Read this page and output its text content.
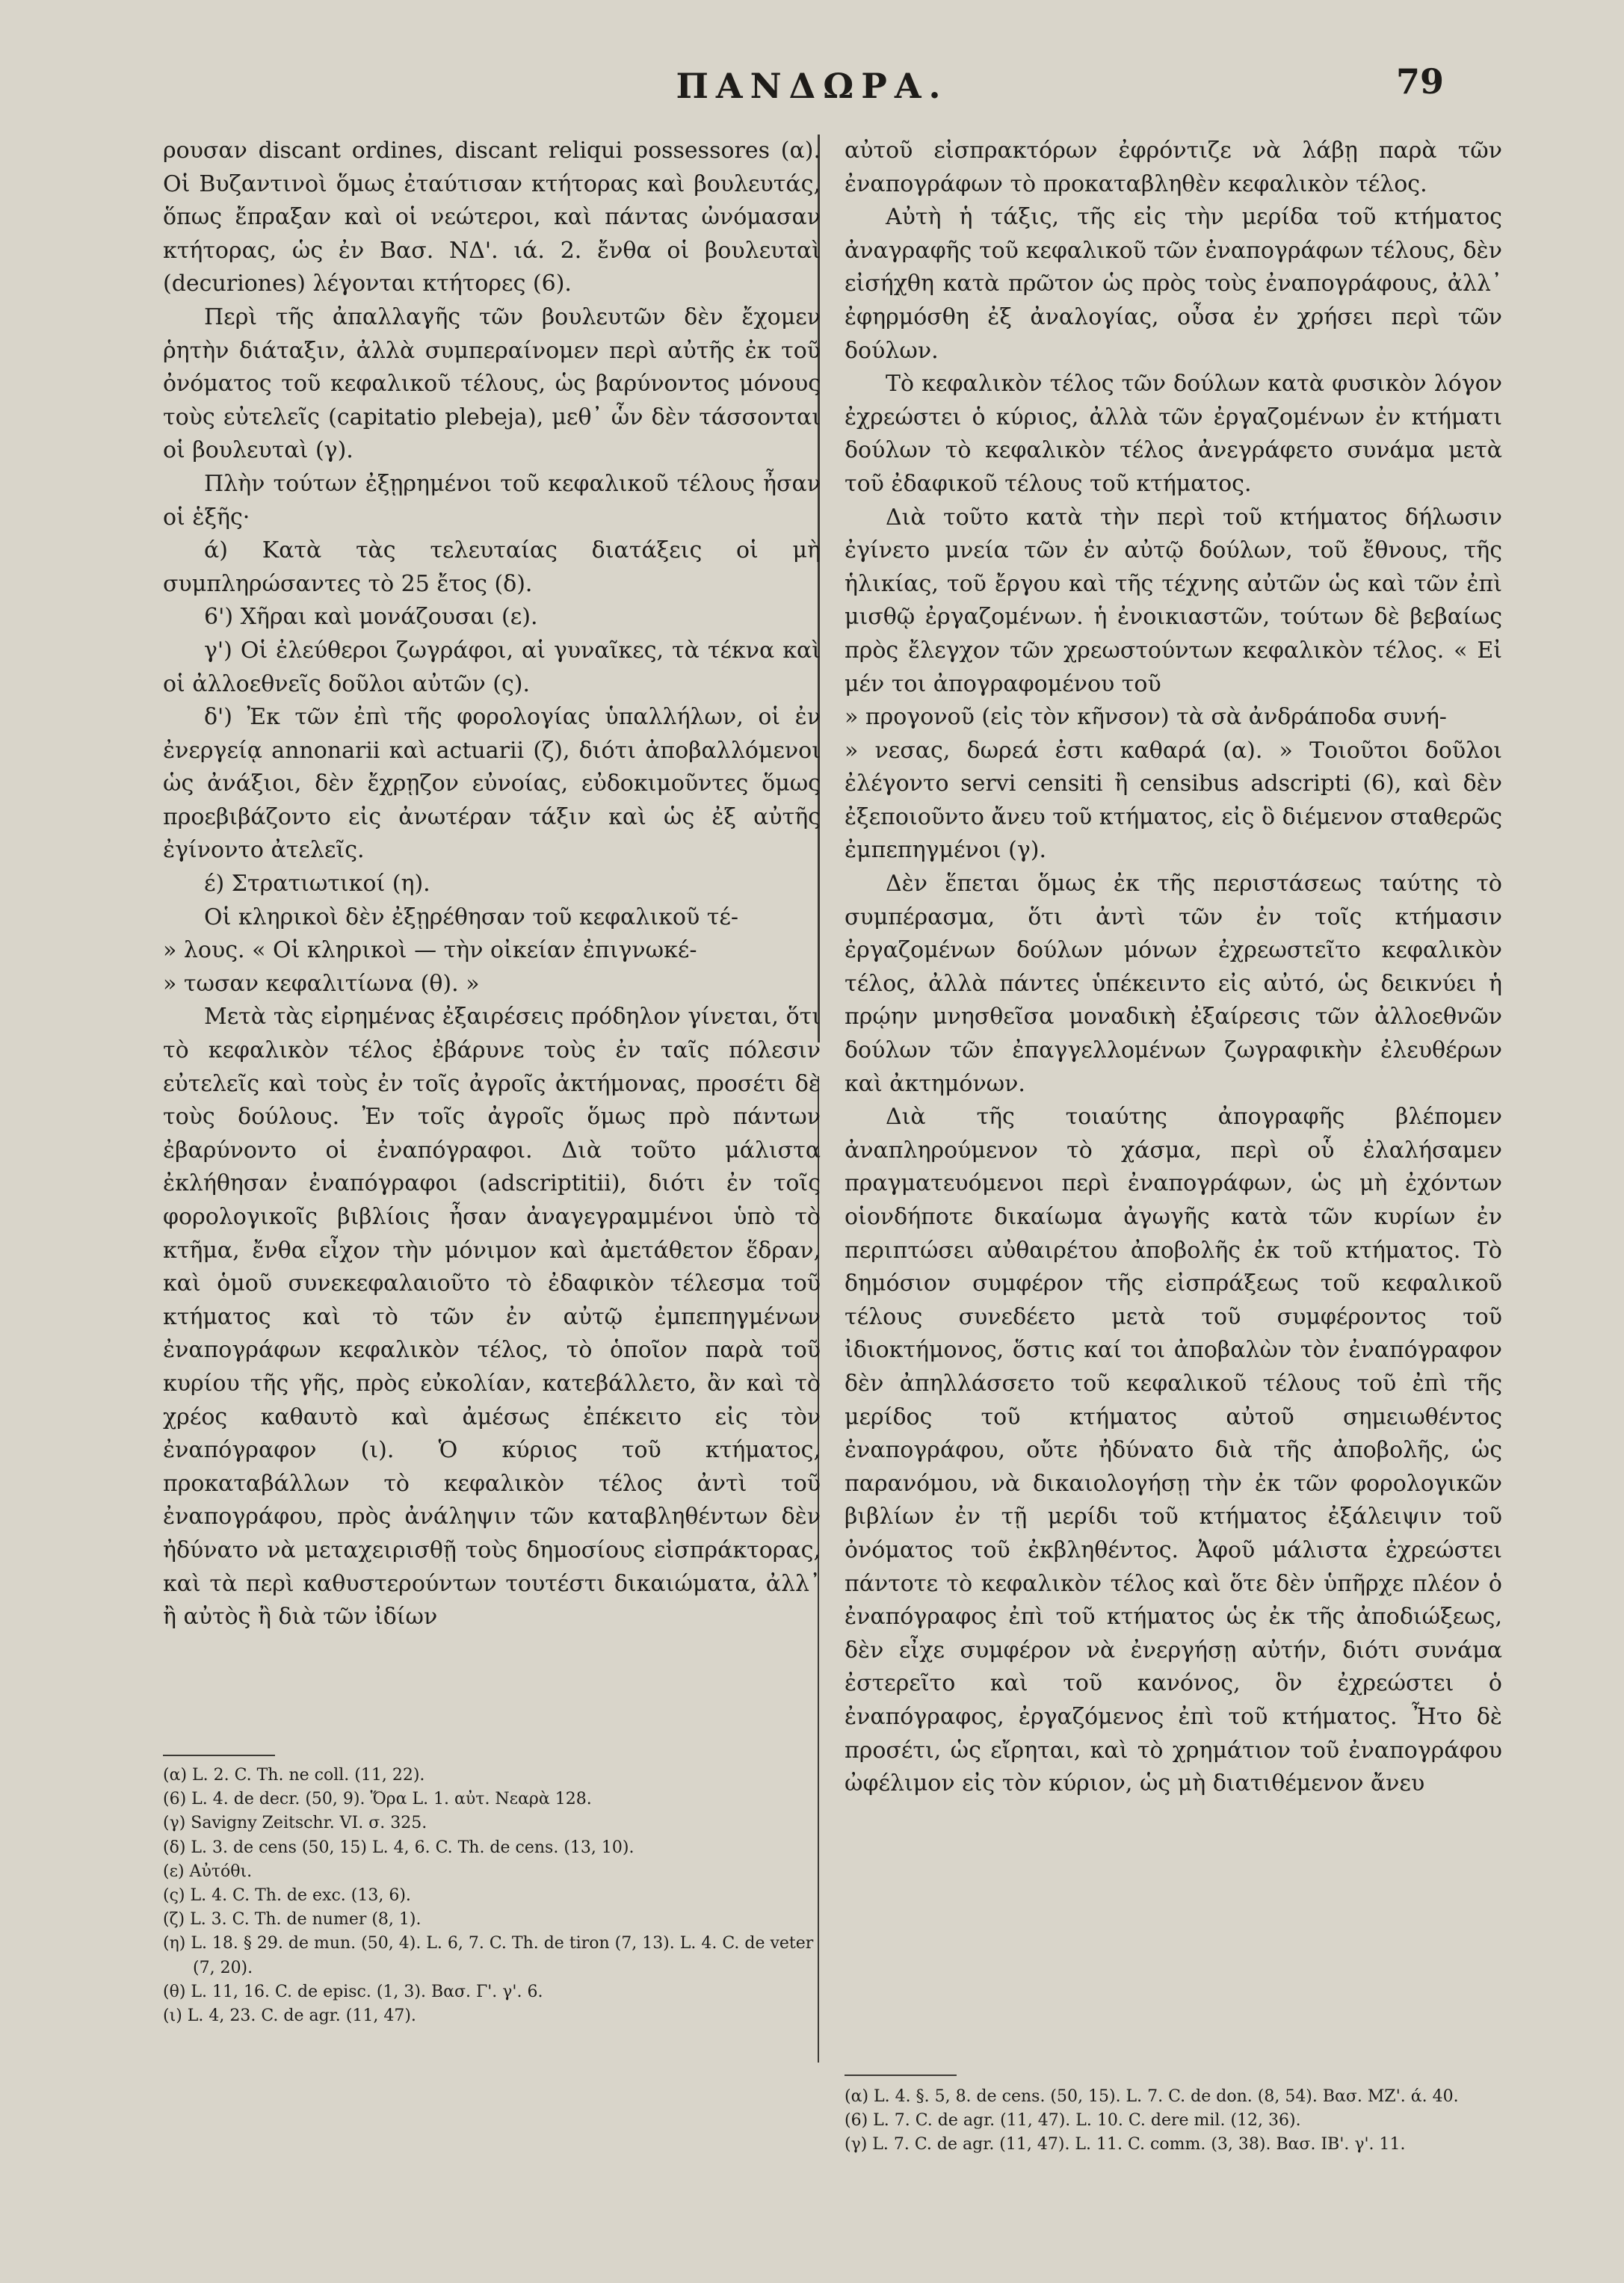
ΠΑΝΔΩΡΑ.	79

ρουσαν discant ordines, discant reliqui possessores (α). Οἱ Βυζαντινοὶ ὅμως ἐταύτισαν κτήτορας καὶ βουλευτάς, ὅπως ἔπραξαν καὶ οἱ νεώτεροι, καὶ πάντας ὠνόμασαν κτήτορας, ὡς ἐν Βασ. ΝΔ'. ιά. 2. ἔνθα οἱ βουλευταὶ (decuriones) λέγονται κτήτορες (6).

Περὶ τῆς ἀπαλλαγῆς τῶν βουλευτῶν δὲν ἔχομεν ῥητὴν διάταξιν, ἀλλὰ συμπεραίνομεν περὶ αὐτῆς ἐκ τοῦ ὀνόματος τοῦ κεφαλικοῦ τέλους, ὡς βαρύνοντος μόνους τοὺς εὐτελεῖς (capitatio plebeja), μεθ᾽ ὧν δὲν τάσσονται οἱ βουλευταὶ (γ).

Πλὴν τούτων ἐξῃρημένοι τοῦ κεφαλικοῦ τέλους ἦσαν οἱ ἑξῆς·

ά) Κατὰ τὰς τελευταίας διατάξεις οἱ μὴ συμπληρώσαντες τὸ 25 ἔτος (δ).

6') Χῆραι καὶ μονάζουσαι (ε).

γ') Οἱ ἐλεύθεροι ζωγράφοι, αἱ γυναῖκες, τὰ τέκνα καὶ οἱ ἀλλοεθνεῖς δοῦλοι αὐτῶν (ς).

δ') Ἐκ τῶν ἐπὶ τῆς φορολογίας ὑπαλλήλων, οἱ ἐν ἐνεργείᾳ annonarii καὶ actuarii (ζ), διότι ἀποβαλλόμενοι ὡς ἀνάξιοι, δὲν ἔχρῃζον εὐνοίας, εὐδοκιμοῦντες ὅμως προεβιβάζοντο εἰς ἀνωτέραν τάξιν καὶ ὡς ἐξ αὐτῆς ἐγίνοντο ἀτελεῖς.

έ) Στρατιωτικοί (η).

Οἱ κληρικοὶ δὲν ἐξῃρέθησαν τοῦ κεφαλικοῦ τέ-

» λους. « Οἱ κληρικοὶ — τὴν οἰκείαν ἐπιγνωκέ-
» τωσαν κεφαλιτίωνα (θ). »

Μετὰ τὰς εἰρημένας ἐξαιρέσεις πρόδηλον γίνεται, ὅτι τὸ κεφαλικὸν τέλος ἐβάρυνε τοὺς ἐν ταῖς πόλεσιν εὐτελεῖς καὶ τοὺς ἐν τοῖς ἀγροῖς ἀκτήμονας, προσέτι δὲ τοὺς δούλους. Ἐν τοῖς ἀγροῖς ὅμως πρὸ πάντων ἐβαρύνοντο οἱ ἐναπόγραφοι. Διὰ τοῦτο μάλιστα ἐκλήθησαν ἐναπόγραφοι (adscriptitii), διότι ἐν τοῖς φορολογικοῖς βιβλίοις ἦσαν ἀναγεγραμμένοι ὑπὸ τὸ κτῆμα, ἔνθα εἶχον τὴν μόνιμον καὶ ἀμετάθετον ἕδραν, καὶ ὁμοῦ συνεκεφαλαιοῦτο τὸ ἐδαφικὸν τέλεσμα τοῦ κτήματος καὶ τὸ τῶν ἐν αὐτῷ ἐμπεπηγμένων ἐναπογράφων κεφαλικὸν τέλος, τὸ ὁποῖον παρὰ τοῦ κυρίου τῆς γῆς, πρὸς εὐκολίαν, κατεβάλλετο, ἂν καὶ τὸ χρέος καθαυτὸ καὶ ἀμέσως ἐπέκειτο εἰς τὸν ἐναπόγραφον (ι). Ὁ κύριος τοῦ κτήματος, προκαταβάλλων τὸ κεφαλικὸν τέλος ἀντὶ τοῦ ἐναπογράφου, πρὸς ἀνάληψιν τῶν καταβληθέντων δὲν ἠδύνατο νὰ μεταχειρισθῇ τοὺς δημοσίους εἰσπράκτορας, καὶ τὰ περὶ καθυστερούντων τουτέστι δικαιώματα, ἀλλ᾽ ἢ αὐτὸς ἢ διὰ τῶν ἰδίων

αὐτοῦ εἰσπρακτόρων ἐφρόντιζε νὰ λάβῃ παρὰ τῶν ἐναπογράφων τὸ προκαταβληθὲν κεφαλικὸν τέλος.

Αὐτὴ ἡ τάξις, τῆς εἰς τὴν μερίδα τοῦ κτήματος ἀναγραφῆς τοῦ κεφαλικοῦ τῶν ἐναπογράφων τέλους, δὲν εἰσήχθη κατὰ πρῶτον ὡς πρὸς τοὺς ἐναπογράφους, ἀλλ᾽ ἐφηρμόσθη ἐξ ἀναλογίας, οὖσα ἐν χρήσει περὶ τῶν δούλων.

Τὸ κεφαλικὸν τέλος τῶν δούλων κατὰ φυσικὸν λόγον ἐχρεώστει ὁ κύριος, ἀλλὰ τῶν ἐργαζομένων ἐν κτήματι δούλων τὸ κεφαλικὸν τέλος ἀνεγράφετο συνάμα μετὰ τοῦ ἐδαφικοῦ τέλους τοῦ κτήματος.

Διὰ τοῦτο κατὰ τὴν περὶ τοῦ κτήματος δήλωσιν ἐγίνετο μνεία τῶν ἐν αὐτῷ δούλων, τοῦ ἔθνους, τῆς ἡλικίας, τοῦ ἔργου καὶ τῆς τέχνης αὐτῶν ὡς καὶ τῶν ἐπὶ μισθῷ ἐργαζομένων. ἡ ἐνοικιαστῶν, τούτων δὲ βεβαίως πρὸς ἔλεγχον τῶν χρεωστούντων κεφαλικὸν τέλος. « Εἰ μέν τοι ἀπογραφομένου τοῦ

» προγονοῦ (εἰς τὸν κῆνσον) τὰ σὰ ἀνδράποδα συνή-
» νεσας, δωρεά ἐστι καθαρά (α). » Τοιοῦτοι δοῦλοι ἐλέγοντο servi censiti ἢ censibus adscripti (6), καὶ δὲν ἐξεποιοῦντο ἄνευ τοῦ κτήματος, εἰς ὃ διέμενον σταθερῶς ἐμπεπηγμένοι (γ).

Δὲν ἕπεται ὅμως ἐκ τῆς περιστάσεως ταύτης τὸ συμπέρασμα, ὅτι ἀντὶ τῶν ἐν τοῖς κτήμασιν ἐργαζομένων δούλων μόνων ἐχρεωστεῖτο κεφαλικὸν τέλος, ἀλλὰ πάντες ὑπέκειντο εἰς αὐτό, ὡς δεικνύει ἡ πρῴην μνησθεῖσα μοναδικὴ ἐξαίρεσις τῶν ἀλλοεθνῶν δούλων τῶν ἐπαγγελλομένων ζωγραφικὴν ἐλευθέρων καὶ ἀκτημόνων.

Διὰ τῆς τοιαύτης ἀπογραφῆς βλέπομεν ἀναπληρούμενον τὸ χάσμα, περὶ οὗ ἐλαλήσαμεν πραγματευόμενοι περὶ ἐναπογράφων, ὡς μὴ ἐχόντων οἱονδήποτε δικαίωμα ἀγωγῆς κατὰ τῶν κυρίων ἐν περιπτώσει αὐθαιρέτου ἀποβολῆς ἐκ τοῦ κτήματος. Τὸ δημόσιον συμφέρον τῆς εἰσπράξεως τοῦ κεφαλικοῦ τέλους συνεδέετο μετὰ τοῦ συμφέροντος τοῦ ἰδιοκτήμονος, ὅστις καί τοι ἀποβαλὼν τὸν ἐναπόγραφον δὲν ἀπηλλάσσετο τοῦ κεφαλικοῦ τέλους τοῦ ἐπὶ τῆς μερίδος τοῦ κτήματος αὐτοῦ σημειωθέντος ἐναπογράφου, οὔτε ἠδύνατο διὰ τῆς ἀποβολῆς, ὡς παρανόμου, νὰ δικαιολογήσῃ τὴν ἐκ τῶν φορολογικῶν βιβλίων ἐν τῇ μερίδι τοῦ κτήματος ἐξάλειψιν τοῦ ὀνόματος τοῦ ἐκβληθέντος. Ἀφοῦ μάλιστα ἐχρεώστει πάντοτε τὸ κεφαλικὸν τέλος καὶ ὅτε δὲν ὑπῆρχε πλέον ὁ ἐναπόγραφος ἐπὶ τοῦ κτήματος ὡς ἐκ τῆς ἀποδιώξεως, δὲν εἶχε συμφέρον νὰ ἐνεργήσῃ αὐτήν, διότι συνάμα ἐστερεῖτο καὶ τοῦ κανόνος, ὃν ἐχρεώστει ὁ ἐναπόγραφος, ἐργαζόμενος ἐπὶ τοῦ κτήματος. Ἦτο δὲ προσέτι, ὡς εἴρηται, καὶ τὸ χρημάτιον τοῦ ἐναπογράφου ὠφέλιμον εἰς τὸν κύριον, ὡς μὴ διατιθέμενον ἄνευ

(α) L. 2. C. Th. ne coll. (11, 22).

(6) L. 4. de decr. (50, 9). Ὅρα L. 1. αὐτ. Νεαρὰ 128.

(γ) Savigny Zeitschr. VI. σ. 325.

(δ) L. 3. de cens (50, 15) L. 4, 6. C. Th. de cens. (13, 10).

(ε) Αὐτόθι.

(ς) L. 4. C. Th. de exc. (13, 6).

(ζ) L. 3. C. Th. de numer (8, 1).

(η) L. 18. § 29. de mun. (50, 4). L. 6, 7. C. Th. de tiron (7, 13). L. 4. C. de veter (7, 20).

(θ) L. 11, 16. C. de episc. (1, 3). Βασ. Γ'. γ'. 6.

(ι) L. 4, 23. C. de agr. (11, 47).

(α) L. 4. §. 5, 8. de cens. (50, 15). L. 7. C. de don. (8, 54). Βασ. ΜΖ'. ά. 40.

(6) L. 7. C. de agr. (11, 47). L. 10. C. dere mil. (12, 36).

(γ) L. 7. C. de agr. (11, 47). L. 11. C. comm. (3, 38). Βασ. ΙΒ'. γ'. 11.
